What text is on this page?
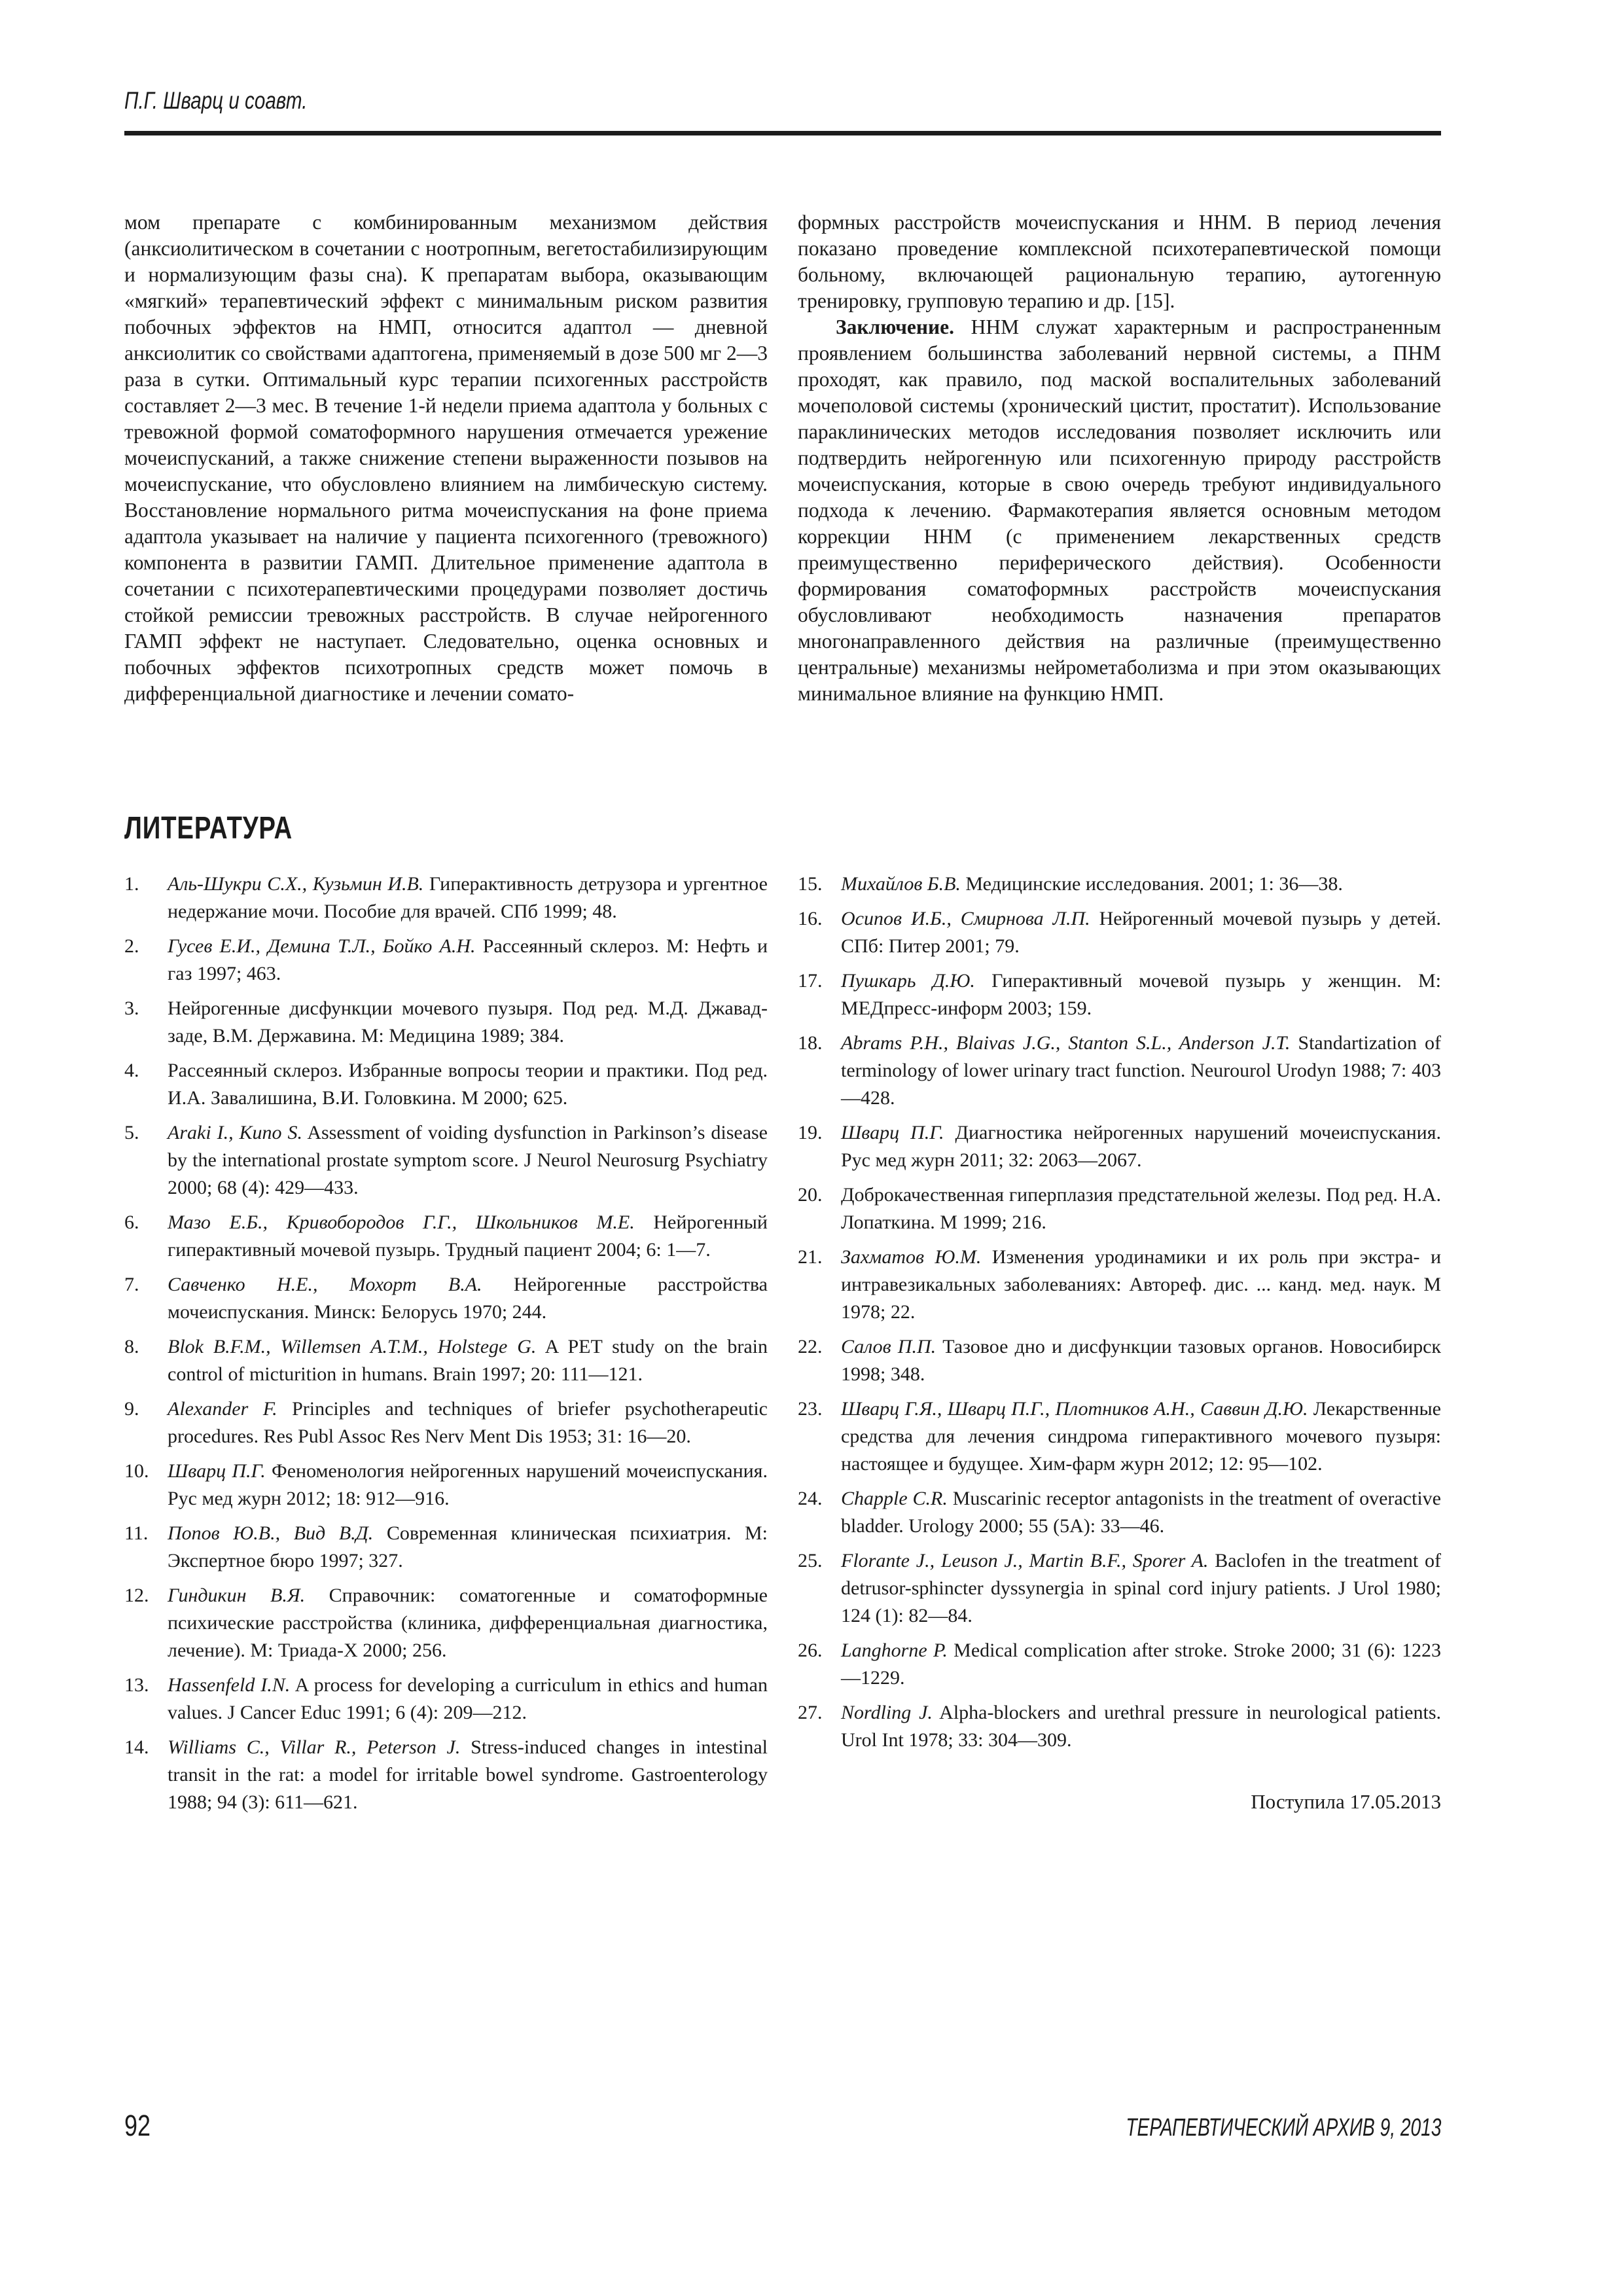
П.Г. Шварц и соавт.

мом препарате с комбинированным механизмом действия (анксиолитическом в сочетании с ноотропным, вегетостабилизирующим и нормализующим фазы сна). К препаратам выбора, оказывающим «мягкий» терапевтический эффект с минимальным риском развития побочных эффектов на НМП, относится адаптол — дневной анксиолитик со свойствами адаптогена, применяемый в дозе 500 мг 2—3 раза в сутки. Оптимальный курс терапии психогенных расстройств составляет 2—3 мес. В течение 1-й недели приема адаптола у больных с тревожной формой соматоформного нарушения отмечается урежение мочеиспусканий, а также снижение степени выраженности позывов на мочеиспускание, что обусловлено влиянием на лимбическую систему. Восстановление нормального ритма мочеиспускания на фоне приема адаптола указывает на наличие у пациента психогенного (тревожного) компонента в развитии ГАМП. Длительное применение адаптола в сочетании с психотерапевтическими процедурами позволяет достичь стойкой ремиссии тревожных расстройств. В случае нейрогенного ГАМП эффект не наступает. Следовательно, оценка основных и побочных эффектов психотропных средств может помочь в дифференциальной диагностике и лечении сомато-

формных расстройств мочеиспускания и ННМ. В период лечения показано проведение комплексной психотерапевтической помощи больному, включающей рациональную терапию, аутогенную тренировку, групповую терапию и др. [15].

Заключение. ННМ служат характерным и распространенным проявлением большинства заболеваний нервной системы, а ПНМ проходят, как правило, под маской воспалительных заболеваний мочеполовой системы (хронический цистит, простатит). Использование параклинических методов исследования позволяет исключить или подтвердить нейрогенную или психогенную природу расстройств мочеиспускания, которые в свою очередь требуют индивидуального подхода к лечению. Фармакотерапия является основным методом коррекции ННМ (с применением лекарственных средств преимущественно периферического действия). Особенности формирования соматоформных расстройств мочеиспускания обусловливают необходимость назначения препаратов многонаправленного действия на различные (преимущественно центральные) механизмы нейрометаболизма и при этом оказывающих минимальное влияние на функцию НМП.

ЛИТЕРАТУРА
1. Аль-Шукри С.Х., Кузьмин И.В. Гиперактивность детрузора и ургентное недержание мочи. Пособие для врачей. СПб 1999; 48.
2. Гусев Е.И., Демина Т.Л., Бойко А.Н. Рассеянный склероз. М: Нефть и газ 1997; 463.
3. Нейрогенные дисфункции мочевого пузыря. Под ред. М.Д. Джавад-заде, В.М. Державина. М: Медицина 1989; 384.
4. Рассеянный склероз. Избранные вопросы теории и практики. Под ред. И.А. Завалишина, В.И. Головкина. М 2000; 625.
5. Araki I., Kuno S. Assessment of voiding dysfunction in Parkinson’s disease by the international prostate symptom score. J Neurol Neurosurg Psychiatry 2000; 68 (4): 429—433.
6. Мазо Е.Б., Кривобородов Г.Г., Школьников М.Е. Нейрогенный гиперактивный мочевой пузырь. Трудный пациент 2004; 6: 1—7.
7. Савченко Н.Е., Мохорт В.А. Нейрогенные расстройства мочеиспускания. Минск: Белорусь 1970; 244.
8. Blok B.F.M., Willemsen A.T.M., Holstege G. A PET study on the brain control of micturition in humans. Brain 1997; 20: 111—121.
9. Alexander F. Principles and techniques of briefer psychotherapeutic procedures. Res Publ Assoc Res Nerv Ment Dis 1953; 31: 16—20.
10. Шварц П.Г. Феноменология нейрогенных нарушений мочеиспускания. Рус мед журн 2012; 18: 912—916.
11. Попов Ю.В., Вид В.Д. Современная клиническая психиатрия. М: Экспертное бюро 1997; 327.
12. Гиндикин В.Я. Справочник: соматогенные и соматоформные психические расстройства (клиника, дифференциальная диагностика, лечение). М: Триада-Х 2000; 256.
13. Hassenfeld I.N. A process for developing a curriculum in ethics and human values. J Cancer Educ 1991; 6 (4): 209—212.
14. Williams C., Villar R., Peterson J. Stress-induced changes in intestinal transit in the rat: a model for irritable bowel syndrome. Gastroenterology 1988; 94 (3): 611—621.
15. Михайлов Б.В. Медицинские исследования. 2001; 1: 36—38.
16. Осипов И.Б., Смирнова Л.П. Нейрогенный мочевой пузырь у детей. СПб: Питер 2001; 79.
17. Пушкарь Д.Ю. Гиперактивный мочевой пузырь у женщин. М: МЕДпресс-информ 2003; 159.
18. Abrams P.H., Blaivas J.G., Stanton S.L., Anderson J.T. Standartization of terminology of lower urinary tract function. Neurourol Urodyn 1988; 7: 403—428.
19. Шварц П.Г. Диагностика нейрогенных нарушений мочеиспускания. Рус мед журн 2011; 32: 2063—2067.
20. Доброкачественная гиперплазия предстательной железы. Под ред. Н.А. Лопаткина. М 1999; 216.
21. Захматов Ю.М. Изменения уродинамики и их роль при экстра- и интравезикальных заболеваниях: Автореф. дис. ... канд. мед. наук. М 1978; 22.
22. Салов П.П. Тазовое дно и дисфункции тазовых органов. Новосибирск 1998; 348.
23. Шварц Г.Я., Шварц П.Г., Плотников А.Н., Саввин Д.Ю. Лекарственные средства для лечения синдрома гиперактивного мочевого пузыря: настоящее и будущее. Хим-фарм журн 2012; 12: 95—102.
24. Chapple C.R. Muscarinic receptor antagonists in the treatment of overactive bladder. Urology 2000; 55 (5A): 33—46.
25. Florante J., Leuson J., Martin B.F., Sporer A. Baclofen in the treatment of detrusor-sphincter dyssynergia in spinal cord injury patients. J Urol 1980; 124 (1): 82—84.
26. Langhorne P. Medical complication after stroke. Stroke 2000; 31 (6): 1223—1229.
27. Nordling J. Alpha-blockers and urethral pressure in neurological patients. Urol Int 1978; 33: 304—309.
Поступила 17.05.2013
92	ТЕРАПЕВТИЧЕСКИЙ АРХИВ 9, 2013
